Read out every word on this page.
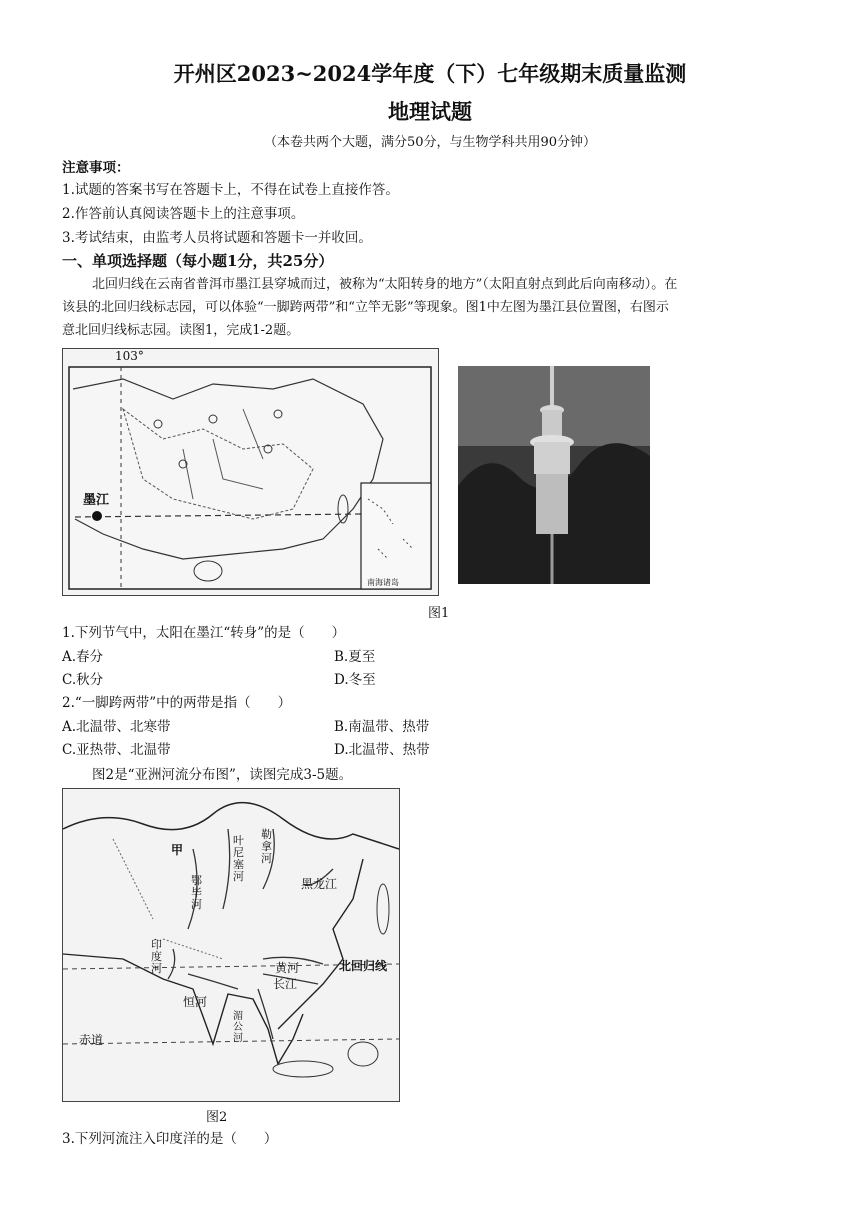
开州区2023~2024学年度（下）七年级期末质量监测
地理试题
（本卷共两个大题，满分50分，与生物学科共用90分钟）
注意事项：
1.试题的答案书写在答题卡上，不得在试卷上直接作答。
2.作答前认真阅读答题卡上的注意事项。
3.考试结束，由监考人员将试题和答题卡一并收回。
一、单项选择题（每小题1分，共25分）
北回归线在云南省普洱市墨江县穿城而过，被称为“太阳转身的地方”（太阳直射点到此后向南移动）。在
该县的北回归线标志园，可以体验“一脚跨两带”和“立竿无影”等现象。图1中左图为墨江县位置图，右图示
意北回归线标志园。读图1，完成1-2题。
103°
墨江
南海诸岛
图1
1.下列节气中，太阳在墨江“转身”的是（　　）
A.春分	B.夏至
C.秋分	D.冬至
2.“一脚跨两带”中的两带是指（　　）
A.北温带、北寒带	B.南温带、热带
C.亚热带、北温带	D.北温带、热带
图2是“亚洲河流分布图”，读图完成3-5题。
甲
叶尼塞河
勒拿河
鄂毕河
黑龙江
印度河	黄河
长江
北回归线
恒河
湄公河
赤道
图2
3.下列河流注入印度洋的是（　　）
